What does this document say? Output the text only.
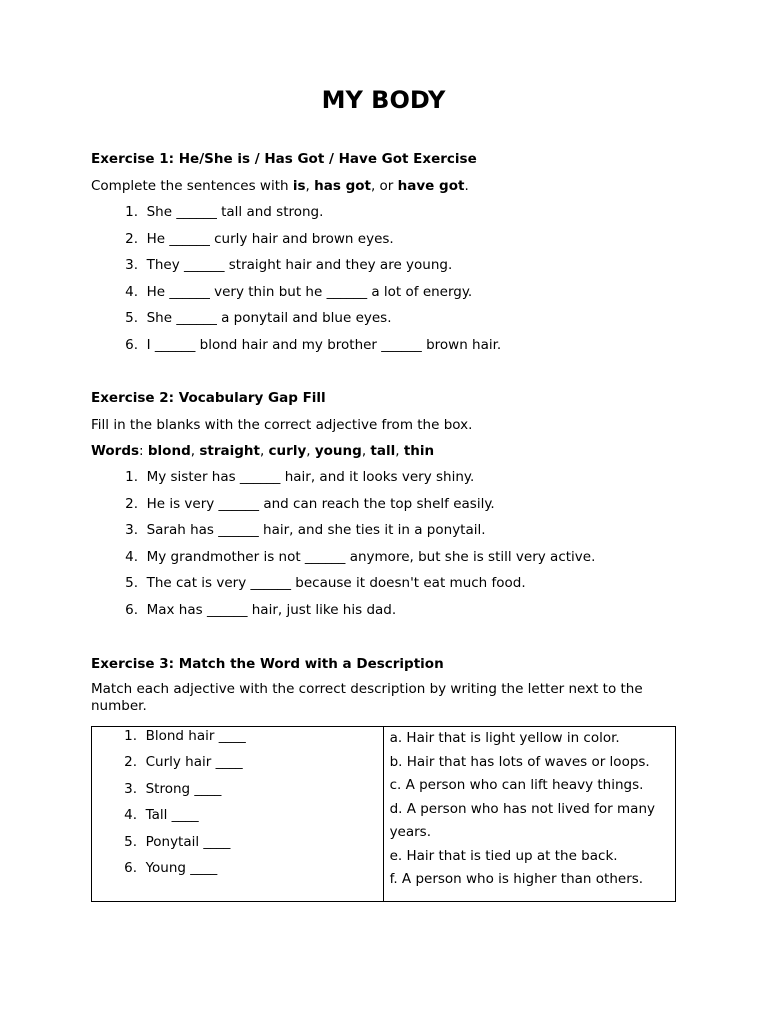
MY BODY

Exercise 1: He/She is / Has Got / Have Got Exercise

Complete the sentences with is, has got, or have got.

1.
She ______ tall and strong.
2.
He ______ curly hair and brown eyes.
3.
They ______ straight hair and they are young.
4.
He ______ very thin but he ______ a lot of energy.
5.
She ______ a ponytail and blue eyes.
6.
I ______ blond hair and my brother ______ brown hair.

Exercise 2: Vocabulary Gap Fill

Fill in the blanks with the correct adjective from the box.

Words: blond, straight, curly, young, tall, thin

1.
My sister has ______ hair, and it looks very shiny.
2.
He is very ______ and can reach the top shelf easily.
3.
Sarah has ______ hair, and she ties it in a ponytail.
4.
My grandmother is not ______ anymore, but she is still very active.
5.
The cat is very ______ because it doesn't eat much food.
6.
Max has ______ hair, just like his dad.

Exercise 3: Match the Word with a Description

Match each adjective with the correct description by writing the letter next to the number.

1.
Blond hair ____
2.
Curly hair ____
3.
Strong ____
4.
Tall ____
5.
Ponytail ____
6.
Young ____

a. Hair that is light yellow in color.
b. Hair that has lots of waves or loops.
c. A person who can lift heavy things.
d. A person who has not lived for many years.
e. Hair that is tied up at the back.
f. A person who is higher than others.
